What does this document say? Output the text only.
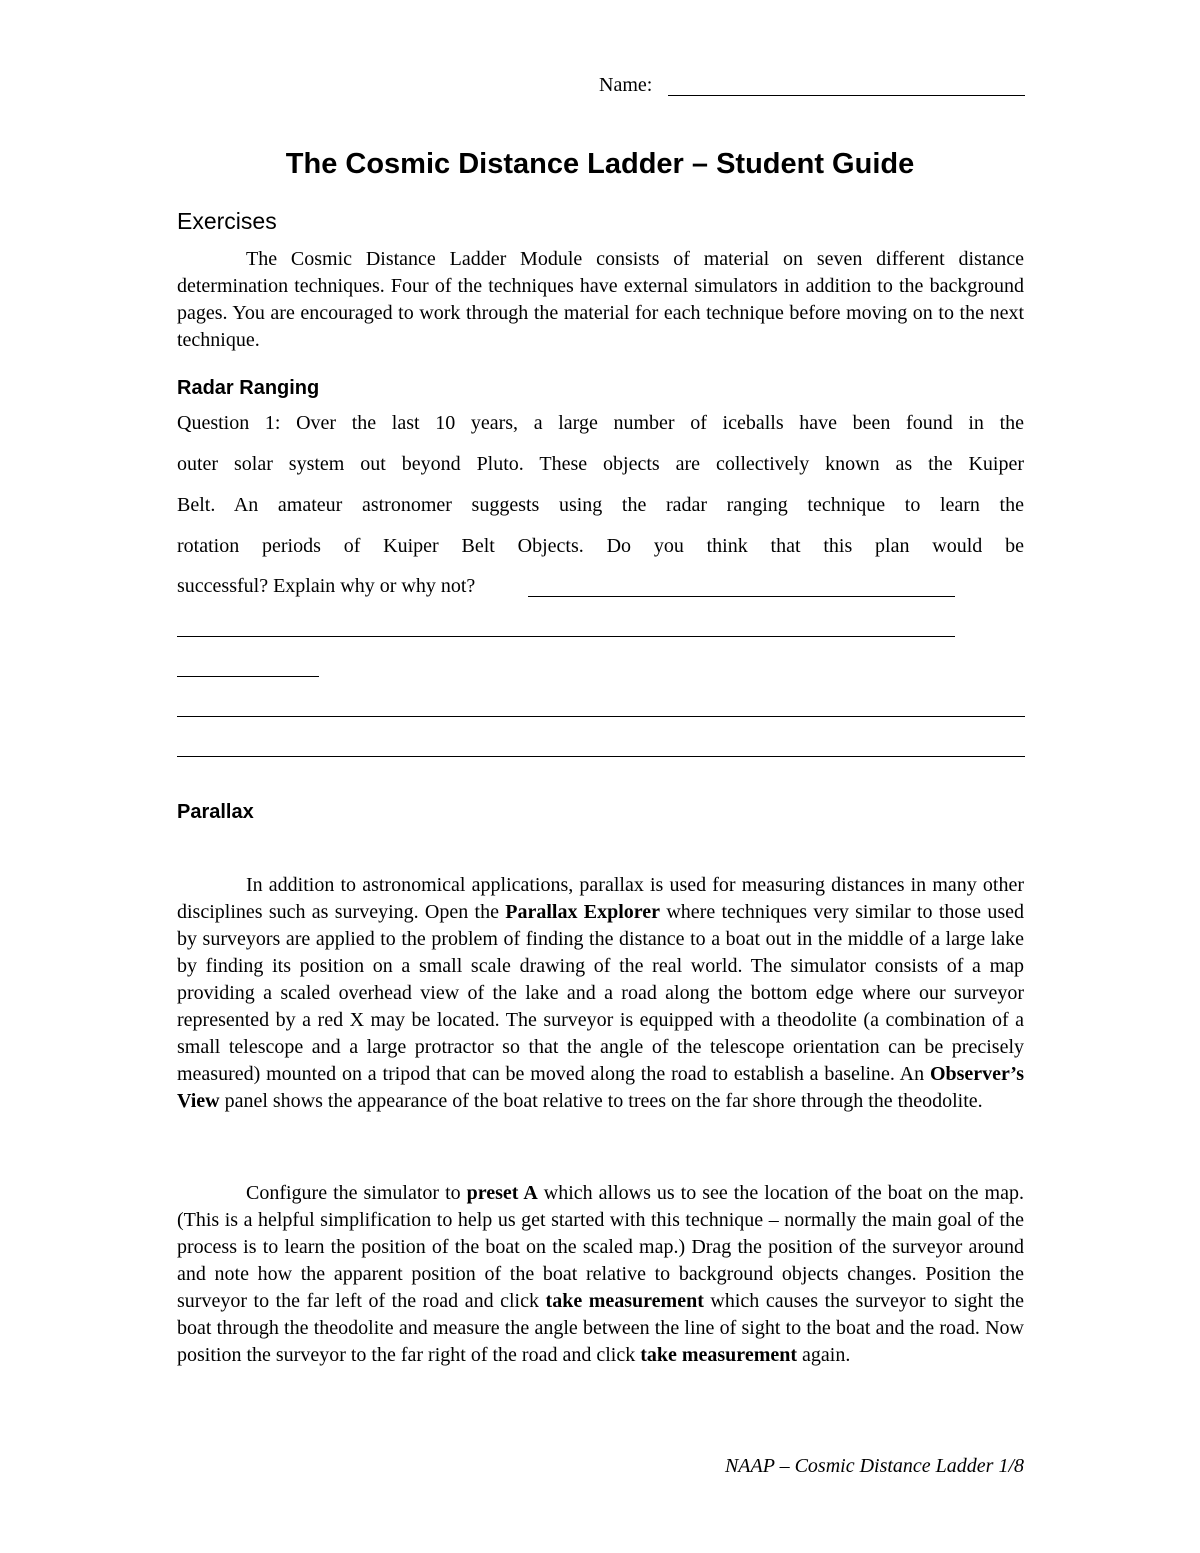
Name:
The Cosmic Distance Ladder – Student Guide
Exercises
The Cosmic Distance Ladder Module consists of material on seven different distance determination techniques. Four of the techniques have external simulators in addition to the background pages. You are encouraged to work through the material for each technique before moving on to the next technique.
Radar Ranging
Question 1: Over the last 10 years, a large number of iceballs have been found in the
outer solar system out beyond Pluto. These objects are collectively known as the Kuiper
Belt. An amateur astronomer suggests using the radar ranging technique to learn the
rotation periods of Kuiper Belt Objects. Do you think that this plan would be
successful? Explain why or why not?
Parallax
In addition to astronomical applications, parallax is used for measuring distances in many other disciplines such as surveying. Open the Parallax Explorer where techniques very similar to those used by surveyors are applied to the problem of finding the distance to a boat out in the middle of a large lake by finding its position on a small scale drawing of the real world. The simulator consists of a map providing a scaled overhead view of the lake and a road along the bottom edge where our surveyor represented by a red X may be located. The surveyor is equipped with a theodolite (a combination of a small telescope and a large protractor so that the angle of the telescope orientation can be precisely measured) mounted on a tripod that can be moved along the road to establish a baseline. An Observer’s View panel shows the appearance of the boat relative to trees on the far shore through the theodolite.
Configure the simulator to preset A which allows us to see the location of the boat on the map. (This is a helpful simplification to help us get started with this technique – normally the main goal of the process is to learn the position of the boat on the scaled map.) Drag the position of the surveyor around and note how the apparent position of the boat relative to background objects changes. Position the surveyor to the far left of the road and click take measurement which causes the surveyor to sight the boat through the theodolite and measure the angle between the line of sight to the boat and the road. Now position the surveyor to the far right of the road and click take measurement again.
NAAP – Cosmic Distance Ladder 1/8
